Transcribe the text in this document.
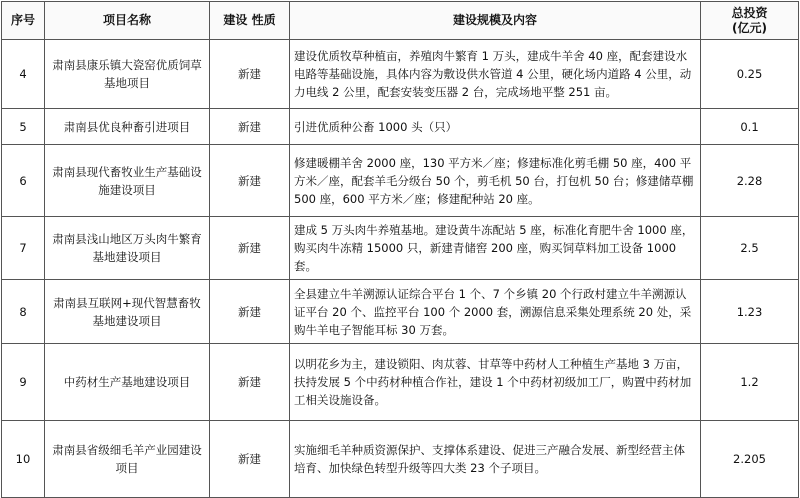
序号	项目名称	建设 性质	建设规模及内容	总投资
(亿元)

4	肃南县康乐镇大瓷窑优质饲草基地项目	新建	建设优质牧草种植亩，养殖肉牛繁育 1 万头，建成牛羊舍 40 座，配套建设水电路等基础设施，具体内容为敷设供水管道 4 公里，硬化场内道路 4 公里，动力电线 2 公里，配套安装变压器 2 台，完成场地平整 251 亩。	0.25
5	肃南县优良种畜引进项目	新建	引进优质种公畜 1000 头（只）	0.1
6	肃南县现代畜牧业生产基础设施建设项目	新建	修建暖棚羊舍 2000 座，130 平方米／座；修建标准化剪毛棚 50 座，400 平方米／座，配套羊毛分级台 50 个，剪毛机 50 台，打包机 50 台；修建储草棚 500 座，600 平方米／座；修建配种站 20 座。	2.28
7	肃南县浅山地区万头肉牛繁育基地建设项目	新建	建成 5 万头肉牛养殖基地。建设黄牛冻配站 5 座，标准化育肥牛舍 1000 座，购买肉牛冻精 15000 只，新建青储窖 200 座，购买饲草料加工设备 1000 套。	2.5
8	肃南县互联网+现代智慧畜牧基地建设项目	新建	全县建立牛羊溯源认证综合平台 1 个、7 个乡镇 20 个行政村建立牛羊溯源认证平台 20 个、监控平台 100 个 2000 套，溯源信息采集处理系统 20 处，采购牛羊电子智能耳标 30 万套。	1.23
9	中药材生产基地建设项目	新建	以明花乡为主，建设锁阳、肉苁蓉、甘草等中药材人工种植生产基地 3 万亩，扶持发展 5 个中药材种植合作社，建设 1 个中药材初级加工厂，购置中药材加工相关设施设备。	1.2
10	肃南县省级细毛羊产业园建设项目	新建	实施细毛羊种质资源保护、支撑体系建设、促进三产融合发展、新型经营主体培育、加快绿色转型升级等四大类 23 个子项目。	2.205
